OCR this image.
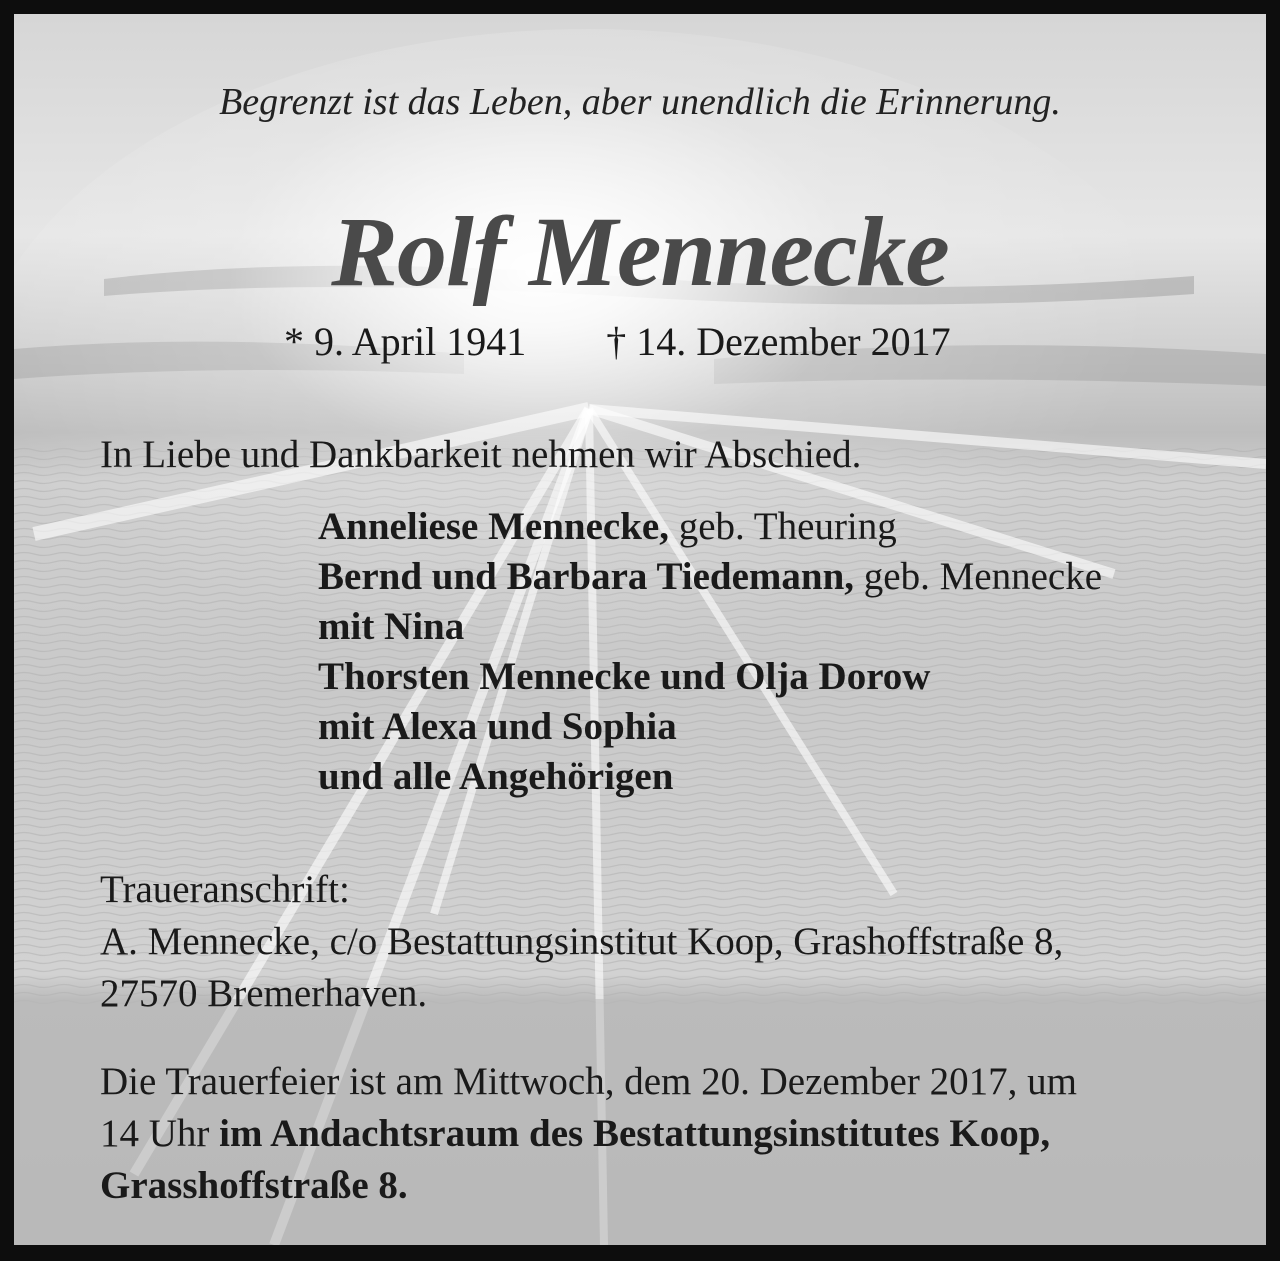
Begrenzt ist das Leben, aber unendlich die Erinnerung.
Rolf Mennecke
* 9. April 1941 † 14. Dezember 2017
In Liebe und Dankbarkeit nehmen wir Abschied.
Anneliese Mennecke, geb. Theuring
Bernd und Barbara Tiedemann, geb. Mennecke
mit Nina
Thorsten Mennecke und Olja Dorow
mit Alexa und Sophia
und alle Angehörigen
Traueranschrift:
A. Mennecke, c/o Bestattungsinstitut Koop, Grashoffstraße 8,
27570 Bremerhaven.
Die Trauerfeier ist am Mittwoch, dem 20. Dezember 2017, um
14 Uhr im Andachtsraum des Bestattungsinstitutes Koop,
Grasshoffstraße 8.
